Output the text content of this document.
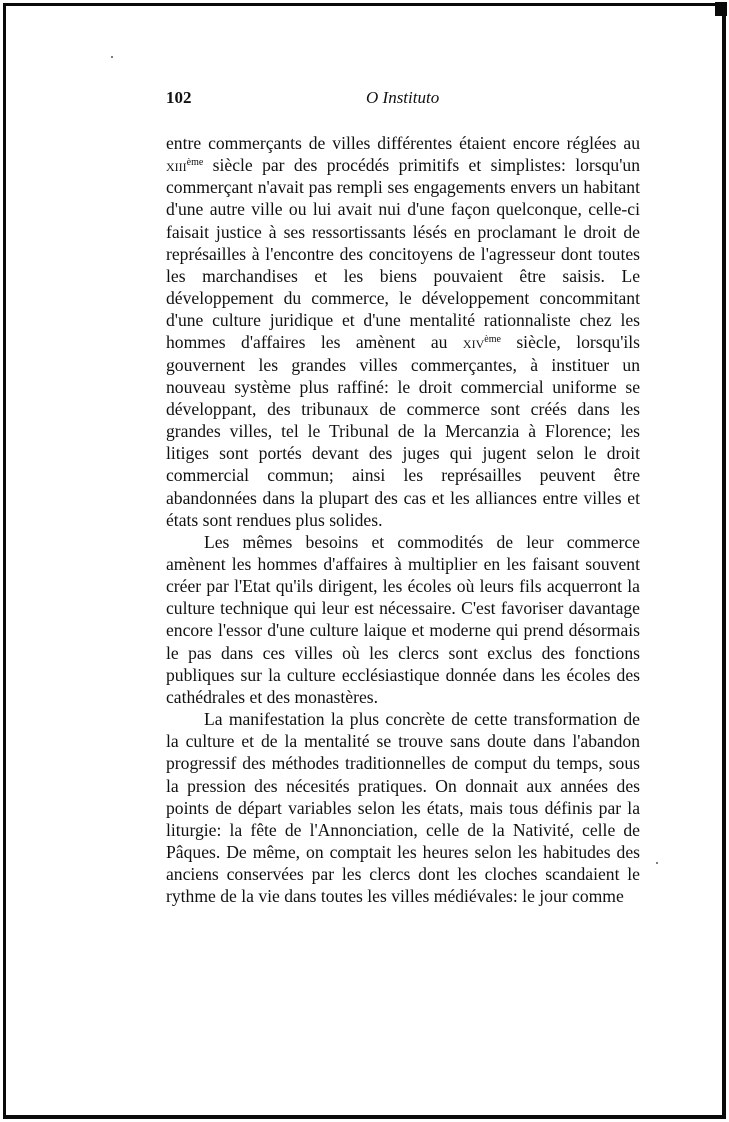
102	O Instituto

entre commerçants de villes différentes étaient encore réglées au xiii$^{ème}$ siècle par des procédés primitifs et simplistes: lorsqu'un commerçant n'avait pas rempli ses engagements envers un habitant d'une autre ville ou lui avait nui d'une façon quelconque, celle-ci faisait justice à ses ressortissants lésés en proclamant le droit de représailles à l'encontre des concitoyens de l'agresseur dont toutes les marchandises et les biens pouvaient être saisis. Le développement du commerce, le développement concommitant d'une culture juridique et d'une mentalité rationnaliste chez les hommes d'affaires les amènent au xiv$^{ème}$ siècle, lorsqu'ils gouvernent les grandes villes commerçantes, à instituer un nouveau système plus raffiné: le droit commercial uniforme se développant, des tribunaux de commerce sont créés dans les grandes villes, tel le Tribunal de la Mercanzia à Florence; les litiges sont portés devant des juges qui jugent selon le droit commercial commun; ainsi les représailles peuvent être abandonnées dans la plupart des cas et les alliances entre villes et états sont rendues plus solides.

Les mêmes besoins et commodités de leur commerce amènent les hommes d'affaires à multiplier en les faisant souvent créer par l'Etat qu'ils dirigent, les écoles où leurs fils acquerront la culture technique qui leur est nécessaire. C'est favoriser davantage encore l'essor d'une culture laique et moderne qui prend désormais le pas dans ces villes où les clercs sont exclus des fonctions publiques sur la culture ecclésiastique donnée dans les écoles des cathédrales et des monastères.

La manifestation la plus concrète de cette transformation de la culture et de la mentalité se trouve sans doute dans l'abandon progressif des méthodes traditionnelles de comput du temps, sous la pression des nécesités pratiques. On donnait aux années des points de départ variables selon les états, mais tous définis par la liturgie: la fête de l'Annonciation, celle de la Nativité, celle de Pâques. De même, on comptait les heures selon les habitudes des anciens conservées par les clercs dont les cloches scandaient le rythme de la vie dans toutes les villes médiévales: le jour comme
